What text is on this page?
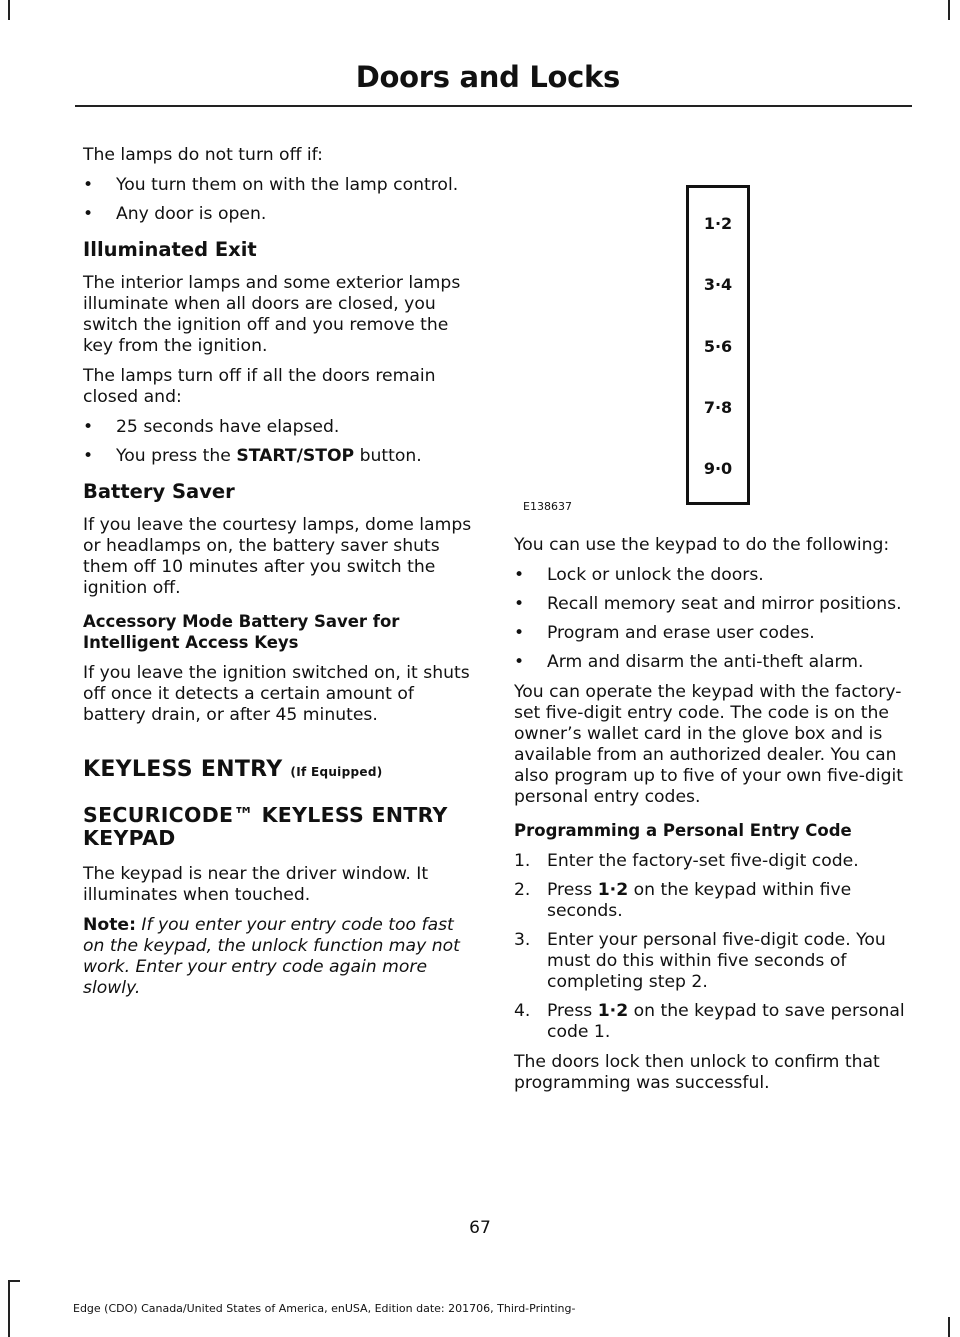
Doors and Locks

The lamps do not turn off if:

• You turn them on with the lamp control.
• Any door is open.
Illuminated Exit

The interior lamps and some exterior lamps illuminate when all doors are closed, you switch the ignition off and you remove the key from the ignition.

The lamps turn off if all the doors remain closed and:

• 25 seconds have elapsed.
• You press the START/STOP button.
Battery Saver

If you leave the courtesy lamps, dome lamps or headlamps on, the battery saver shuts them off 10 minutes after you switch the ignition off.

Accessory Mode Battery Saver for Intelligent Access Keys

If you leave the ignition switched on, it shuts off once it detects a certain amount of battery drain, or after 45 minutes.

KEYLESS ENTRY (If Equipped)
SECURICODE™ KEYLESS ENTRY KEYPAD

The keypad is near the driver window. It illuminates when touched.

Note: If you enter your entry code too fast on the keypad, the unlock function may not work. Enter your entry code again more slowly.

1·2
3·4
5·6
7·8
9·0
E138637

You can use the keypad to do the following:

• Lock or unlock the doors.
• Recall memory seat and mirror positions.
• Program and erase user codes.
• Arm and disarm the anti-theft alarm.

You can operate the keypad with the factory-set five-digit entry code. The code is on the owner’s wallet card in the glove box and is available from an authorized dealer. You can also program up to five of your own five-digit personal entry codes.

Programming a Personal Entry Code
1. Enter the factory-set five-digit code.
2. Press 1·2 on the keypad within five seconds.
3. Enter your personal five-digit code. You must do this within five seconds of completing step 2.
4. Press 1·2 on the keypad to save personal code 1.

The doors lock then unlock to confirm that programming was successful.

67
Edge (CDO) Canada/United States of America, enUSA, Edition date: 201706, Third-Printing-
